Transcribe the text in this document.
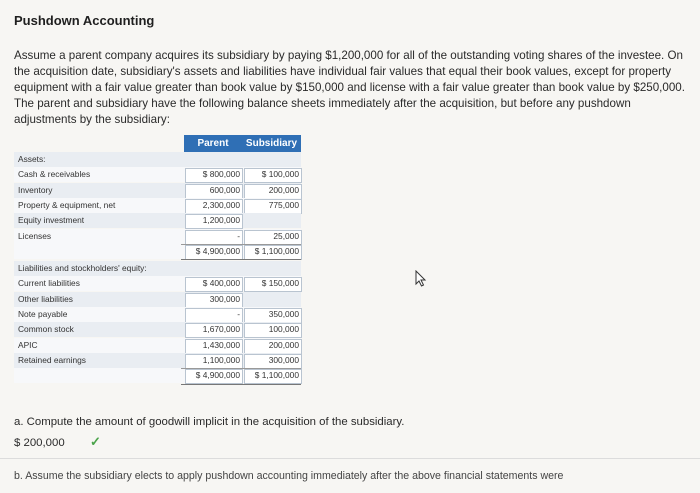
Pushdown Accounting

Assume a parent company acquires its subsidiary by paying $1,200,000 for all of the outstanding voting shares of the investee. On the acquisition date, subsidiary's assets and liabilities have individual fair values that equal their book values, except for property equipment with a fair value greater than book value by $150,000 and license with a fair value greater than book value by $250,000. The parent and subsidiary have the following balance sheets immediately after the acquisition, but before any pushdown adjustments by the subsidiary:

Parent	Subsidiary
a. Compute the amount of goodwill implicit in the acquisition of the subsidiary.
$ 200,000 ✓
b. Assume the subsidiary elects to apply pushdown accounting immediately after the above financial statements were
Assets:
Cash & receivables	$ 800,000	$ 100,000
Inventory	600,000	200,000
Property & equipment, net	2,300,000	775,000
Equity investment	1,200,000
Licenses	-	25,000
$ 4,900,000	$ 1,100,000
Liabilities and stockholders' equity:
Current liabilities	$ 400,000	$ 150,000
Other liabilities	300,000
Note payable	-	350,000
Common stock	1,670,000	100,000
APIC	1,430,000	200,000
Retained earnings	1,100,000	300,000
$ 4,900,000	$ 1,100,000
